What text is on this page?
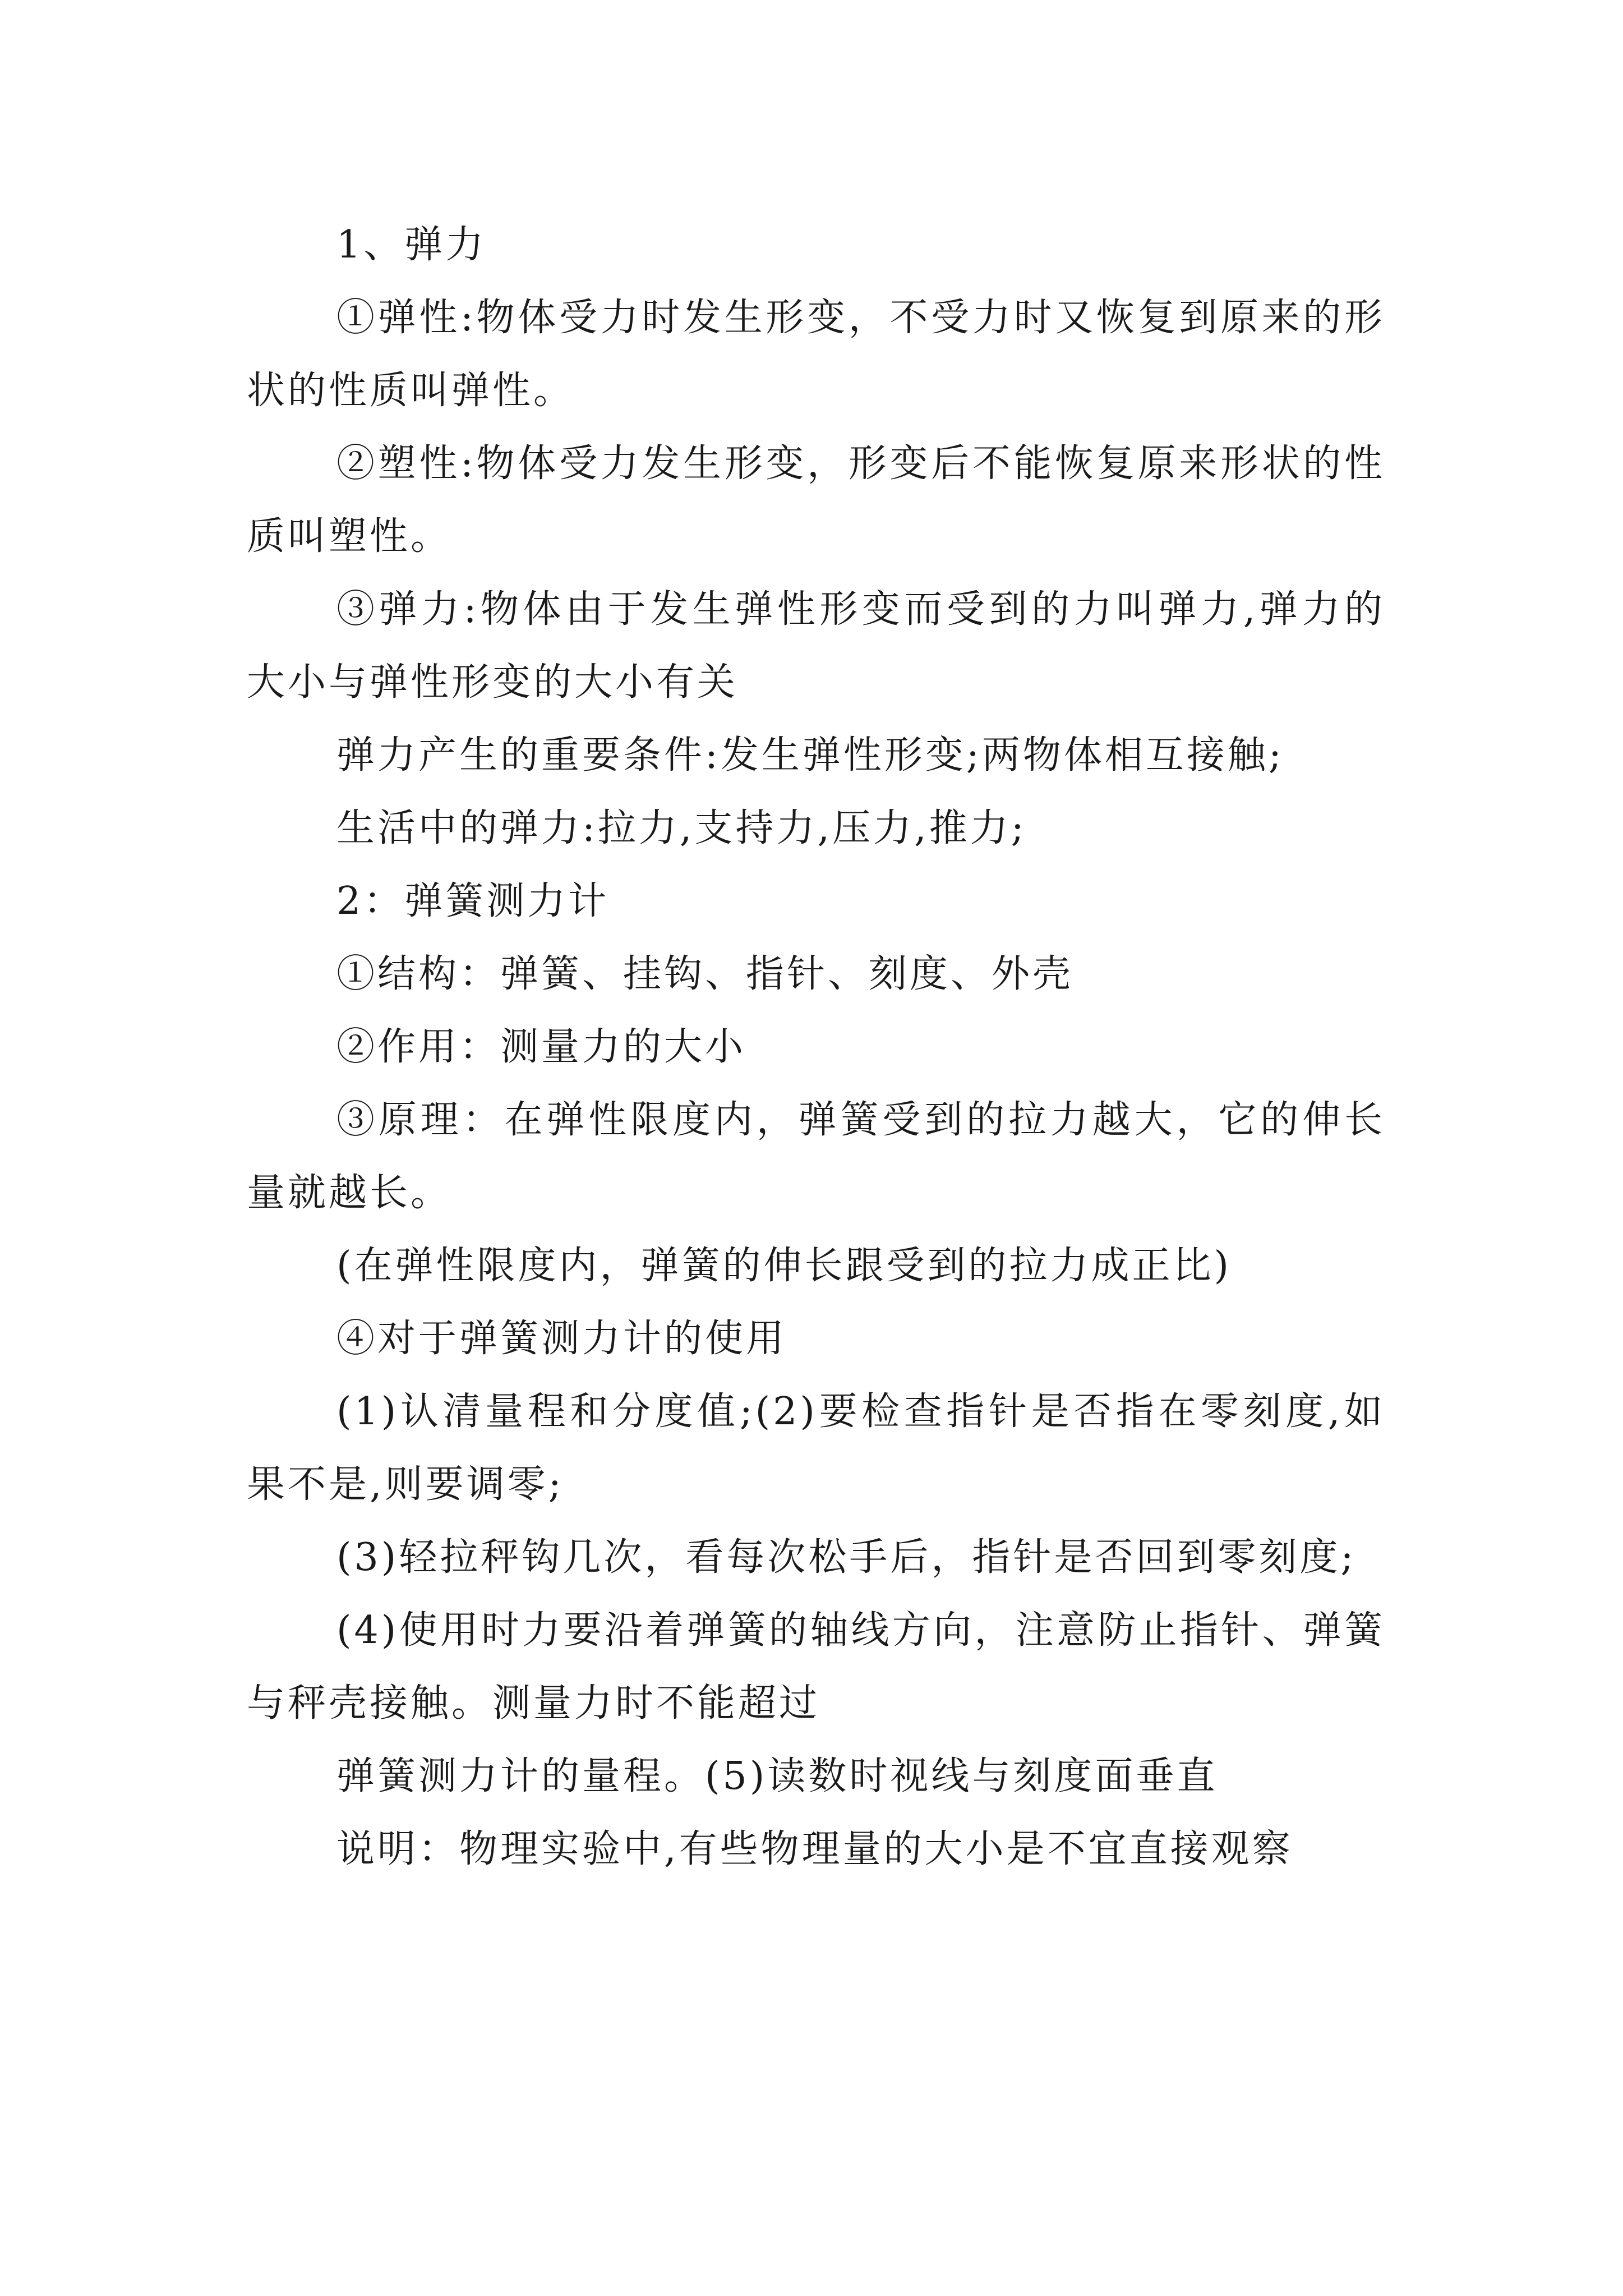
1、弹力

①弹性:物体受力时发生形变，不受力时又恢复到原来的形状的性质叫弹性。

②塑性:物体受力发生形变，形变后不能恢复原来形状的性质叫塑性。

③弹力:物体由于发生弹性形变而受到的力叫弹力,弹力的大小与弹性形变的大小有关

弹力产生的重要条件:发生弹性形变;两物体相互接触;

生活中的弹力:拉力,支持力,压力,推力;

2：弹簧测力计

①结构：弹簧、挂钩、指针、刻度、外壳

②作用：测量力的大小

③原理：在弹性限度内，弹簧受到的拉力越大，它的伸长量就越长。

(在弹性限度内，弹簧的伸长跟受到的拉力成正比)

④对于弹簧测力计的使用

(1)认清量程和分度值;(2)要检查指针是否指在零刻度,如果不是,则要调零;

(3)轻拉秤钩几次，看每次松手后，指针是否回到零刻度;

(4)使用时力要沿着弹簧的轴线方向，注意防止指针、弹簧与秤壳接触。测量力时不能超过

弹簧测力计的量程。(5)读数时视线与刻度面垂直

说明：物理实验中,有些物理量的大小是不宜直接观察
